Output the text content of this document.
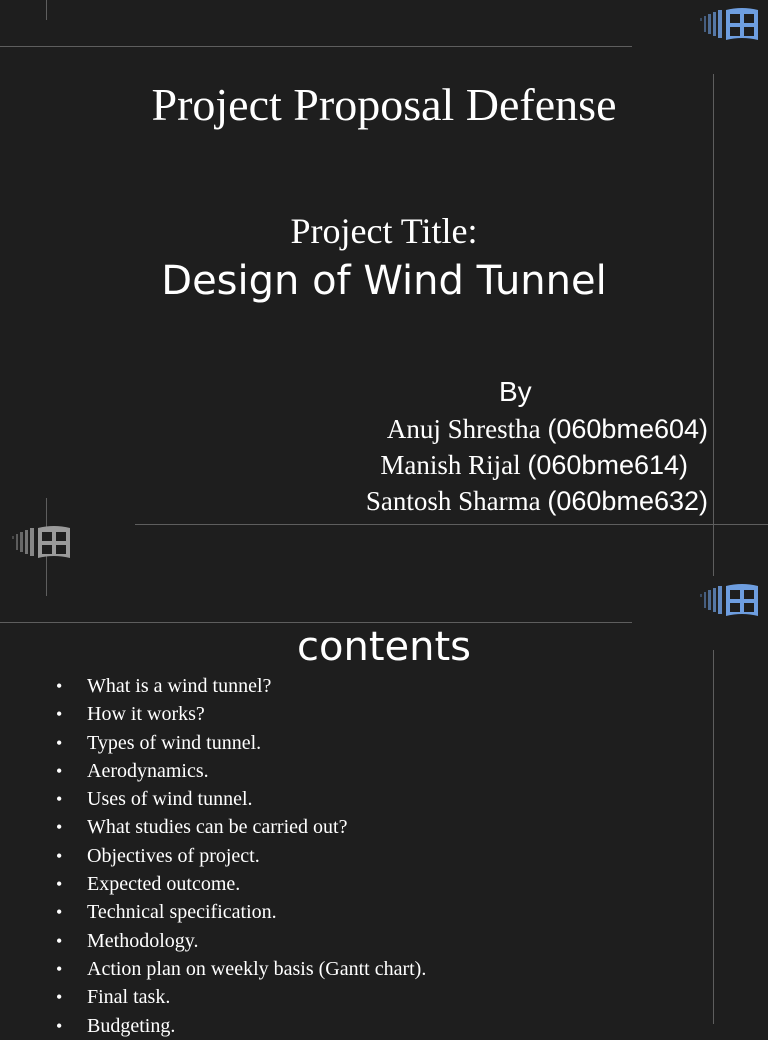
Project Proposal Defense
Project Title:
Design of Wind Tunnel
By
Anuj Shrestha (060bme604)
Manish Rijal (060bme614)
Santosh Sharma (060bme632)
contents
• What is a wind tunnel?
• How it works?
• Types of wind tunnel.
• Aerodynamics.
• Uses of wind tunnel.
• What studies can be carried out?
• Objectives of project.
• Expected outcome.
• Technical specification.
• Methodology.
• Action plan on weekly basis (Gantt chart).
• Final task.
• Budgeting.
